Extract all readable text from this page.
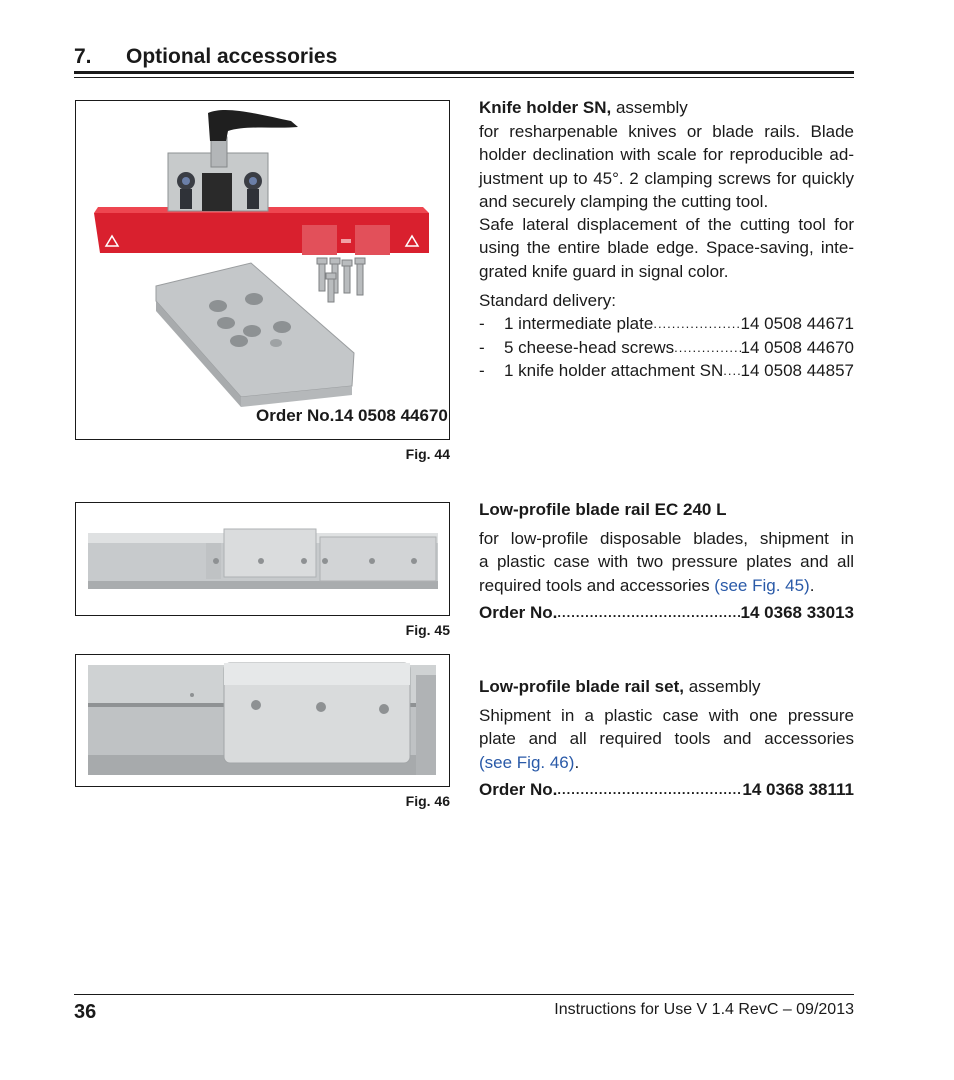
7. Optional accessories
Order No.14 0508 44670
Fig. 44
Knife holder SN, assembly
for resharpenable knives or blade rails. Blade
holder declination with scale for reproducible ad-
justment up to 45°. 2 clamping screws for quickly
and securely clamping the cutting tool.
Safe lateral displacement of the cutting tool for
using the entire blade edge. Space-saving, inte-
grated knife guard in signal color.
Standard delivery:
-	1 intermediate plate .....	14 0508 44671
-	5 cheese-head screws .....	14 0508 44670
-	1 knife holder attachment SN ..... 14 0508 44857
Fig. 45
Low-profile blade rail EC 240 L
for low-profile disposable blades, shipment in
a plastic case with two pressure plates and all
required tools and accessories (see Fig. 45).
Order No. .....	14 0368 33013
Fig. 46
Low-profile blade rail set, assembly
Shipment in a plastic case with one pressure
plate and all required tools and accessories
(see Fig. 46).
Order No. .....	14 0368 38111
36	Instructions for Use V 1.4 RevC – 09/2013
